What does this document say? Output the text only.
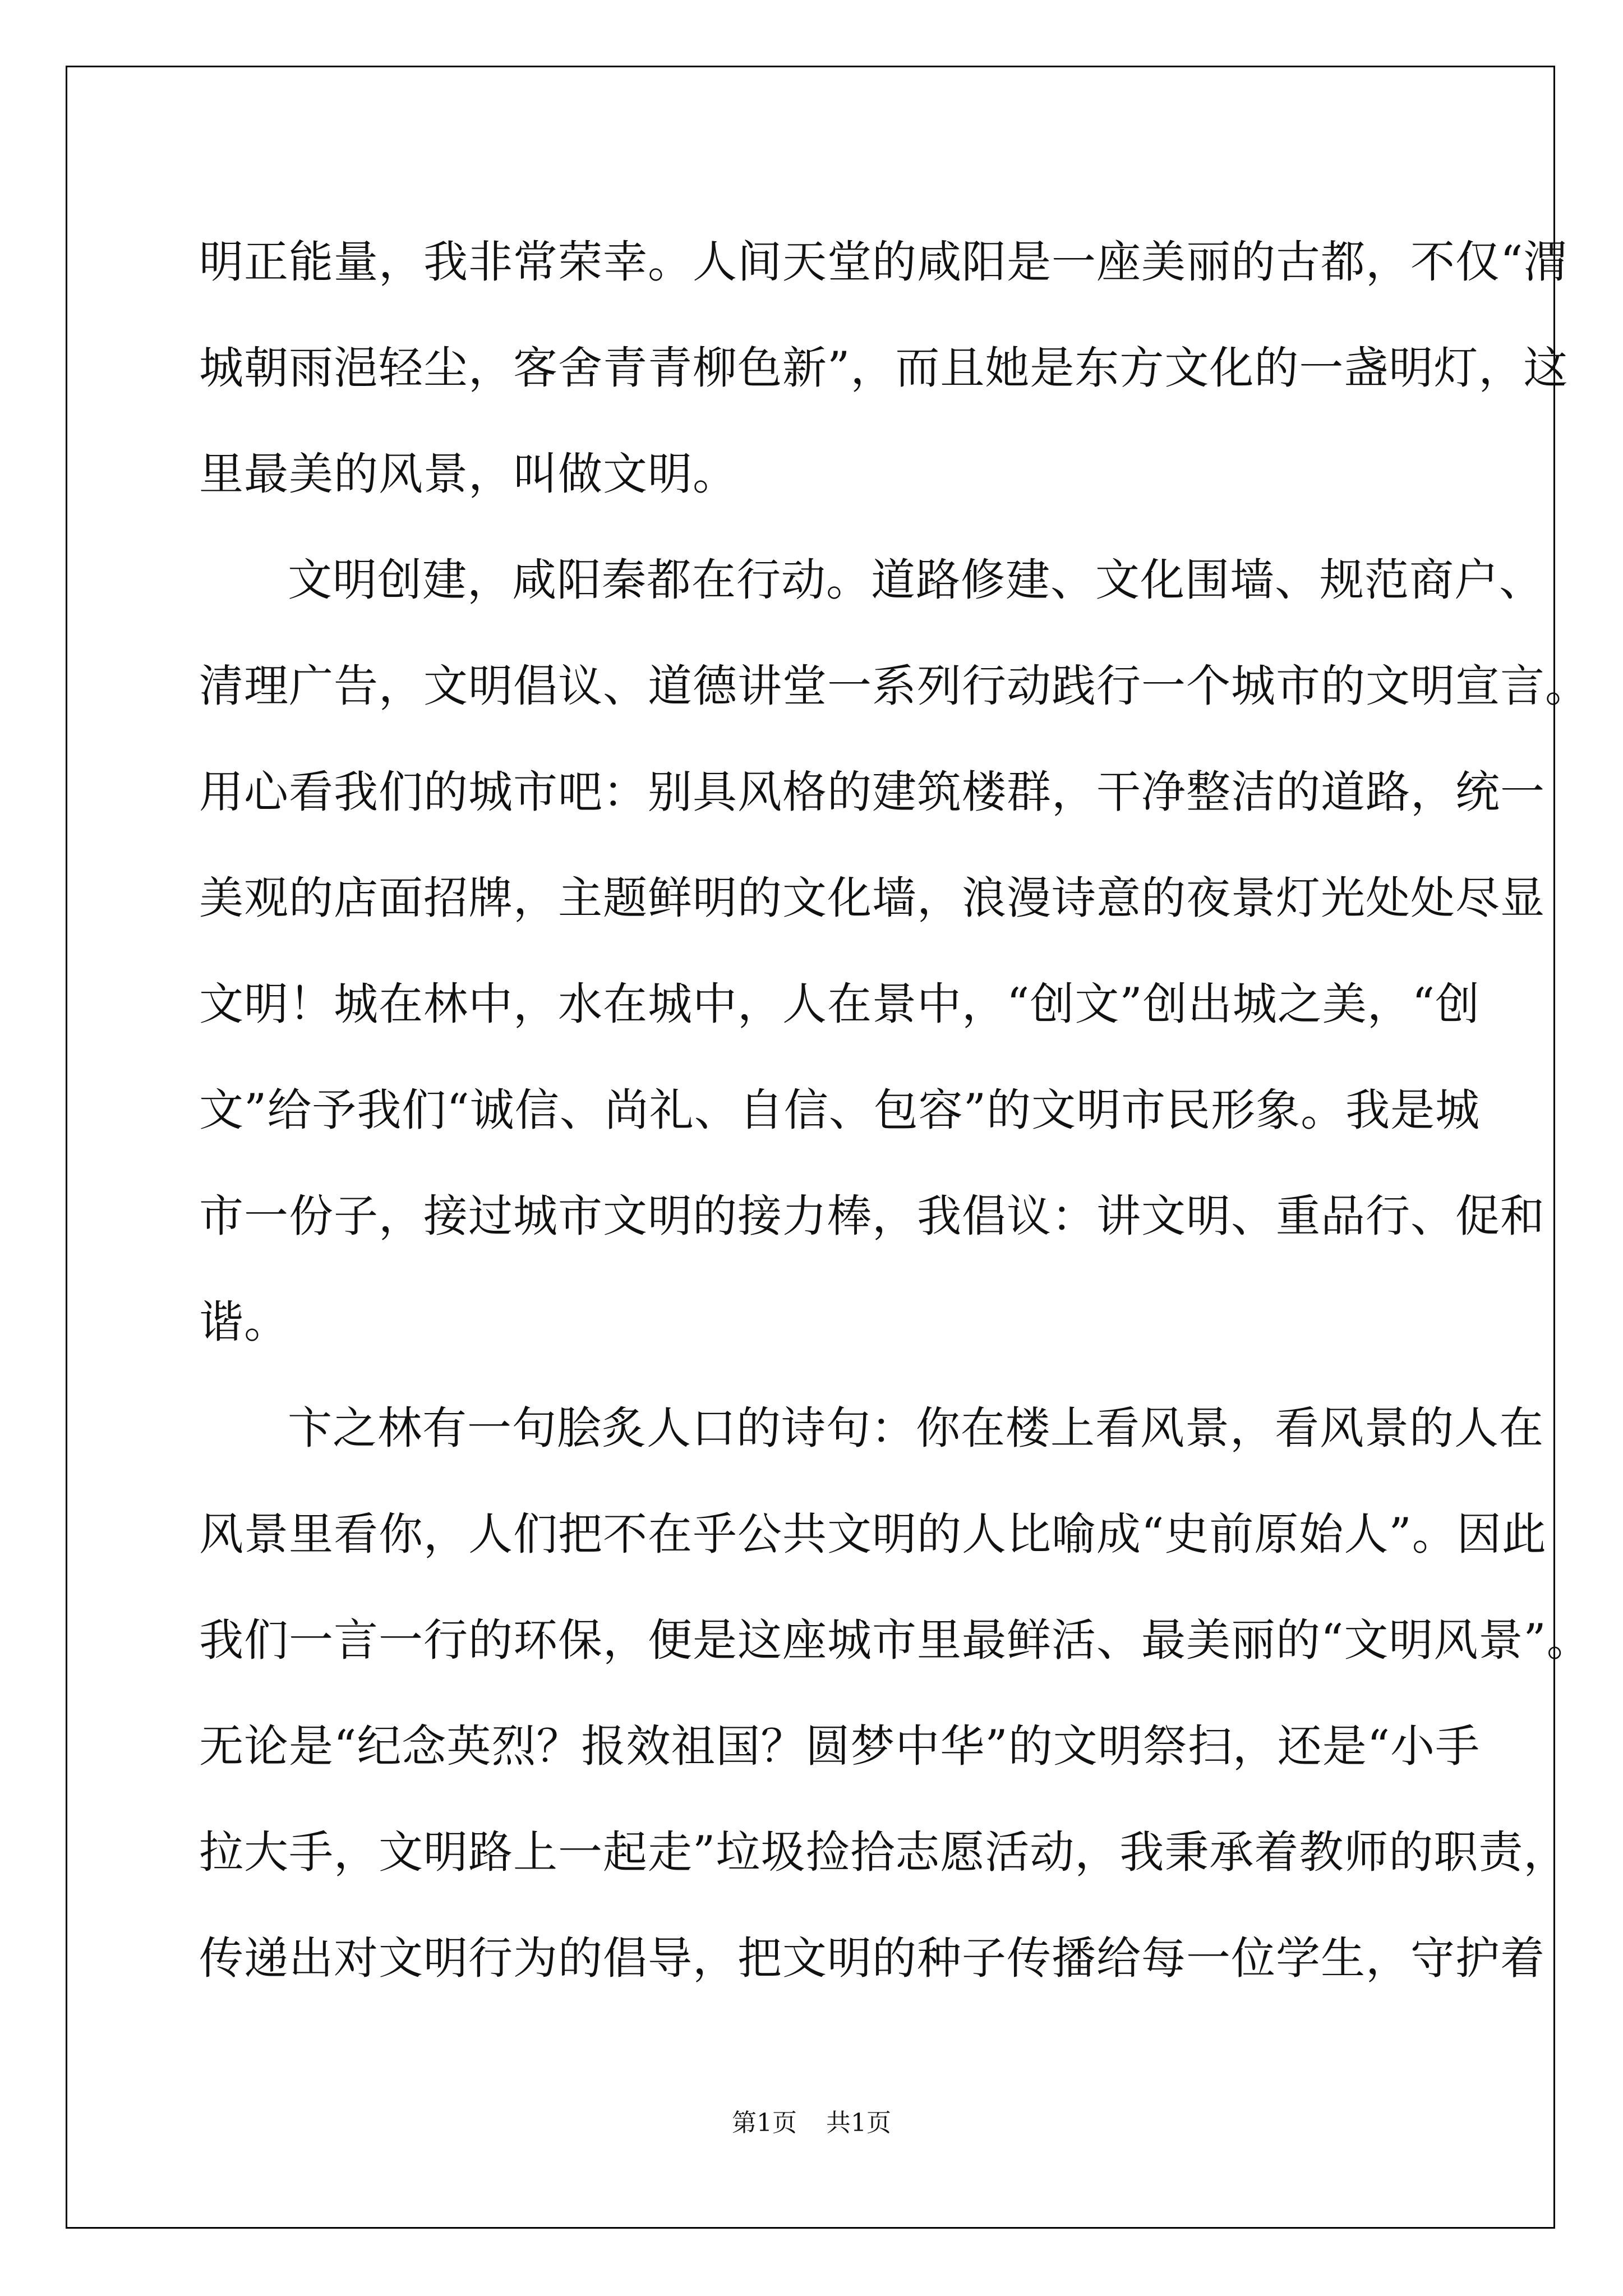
明正能量，我非常荣幸。人间天堂的咸阳是一座美丽的古都，不仅“渭
城朝雨浥轻尘，客舍青青柳色新”，而且她是东方文化的一盏明灯，这
里最美的风景，叫做文明。
文明创建，咸阳秦都在行动。道路修建、文化围墙、规范商户、
清理广告，文明倡议、道德讲堂一系列行动践行一个城市的文明宣言。
用心看我们的城市吧：别具风格的建筑楼群，干净整洁的道路，统一
美观的店面招牌，主题鲜明的文化墙，浪漫诗意的夜景灯光处处尽显
文明！城在林中，水在城中，人在景中，“创文”创出城之美，“创
文”给予我们“诚信、尚礼、自信、包容”的文明市民形象。我是城
市一份子，接过城市文明的接力棒，我倡议：讲文明、重品行、促和
谐。
卞之林有一句脍炙人口的诗句：你在楼上看风景，看风景的人在
风景里看你，人们把不在乎公共文明的人比喻成“史前原始人”。因此
我们一言一行的环保，便是这座城市里最鲜活、最美丽的“文明风景”。
无论是“纪念英烈？报效祖国？圆梦中华”的文明祭扫，还是“小手
拉大手，文明路上一起走”垃圾捡拾志愿活动，我秉承着教师的职责，
传递出对文明行为的倡导，把文明的种子传播给每一位学生，守护着
第1页 共1页
